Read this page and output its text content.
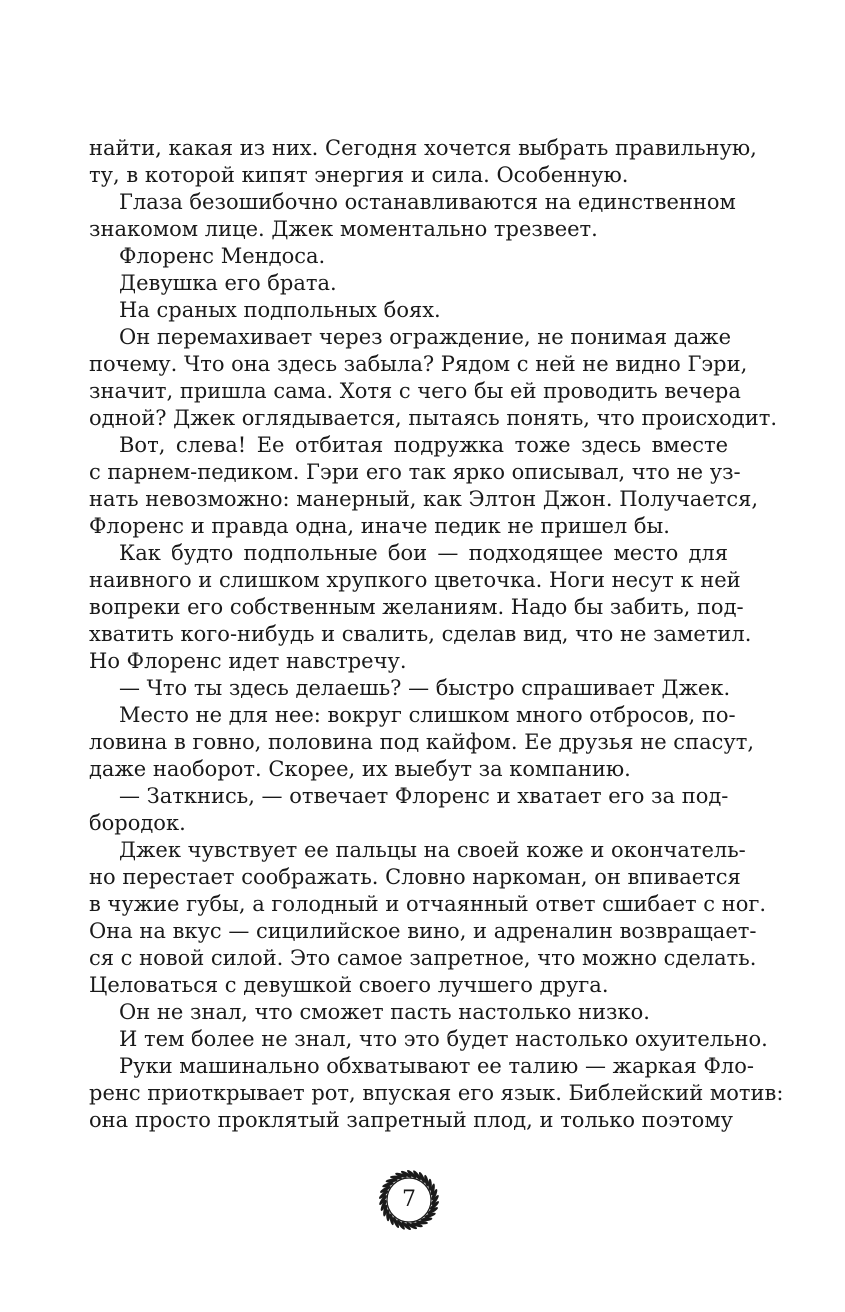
найти, какая из них. Сегодня хочется выбрать правильную,
ту, в которой кипят энергия и сила. Особенную.
Глаза безошибочно останавливаются на единственном
знакомом лице. Джек моментально трезвеет.
Флоренс Мендоса.
Девушка его брата.
На сраных подпольных боях.
Он перемахивает через ограждение, не понимая даже
почему. Что она здесь забыла? Рядом с ней не видно Гэри,
значит, пришла сама. Хотя с чего бы ей проводить вечера
одной? Джек оглядывается, пытаясь понять, что происходит.
Вот, слева! Ее отбитая подружка тоже здесь вместе
с парнем-педиком. Гэри его так ярко описывал, что не уз-
нать невозможно: манерный, как Элтон Джон. Получается,
Флоренс и правда одна, иначе педик не пришел бы.
Как будто подпольные бои — подходящее место для
наивного и слишком хрупкого цветочка. Ноги несут к ней
вопреки его собственным желаниям. Надо бы забить, под-
хватить кого-нибудь и свалить, сделав вид, что не заметил.
Но Флоренс идет навстречу.
— Что ты здесь делаешь? — быстро спрашивает Джек.
Место не для нее: вокруг слишком много отбросов, по-
ловина в говно, половина под кайфом. Ее друзья не спасут,
даже наоборот. Скорее, их выебут за компанию.
— Заткнись, — отвечает Флоренс и хватает его за под-
бородок.
Джек чувствует ее пальцы на своей коже и окончатель-
но перестает соображать. Словно наркоман, он впивается
в чужие губы, а голодный и отчаянный ответ сшибает с ног.
Она на вкус — сицилийское вино, и адреналин возвращает-
ся с новой силой. Это самое запретное, что можно сделать.
Целоваться с девушкой своего лучшего друга.
Он не знал, что сможет пасть настолько низко.
И тем более не знал, что это будет настолько охуительно.
Руки машинально обхватывают ее талию — жаркая Фло-
ренс приоткрывает рот, впуская его язык. Библейский мотив:
она просто проклятый запретный плод, и только поэтому
7
